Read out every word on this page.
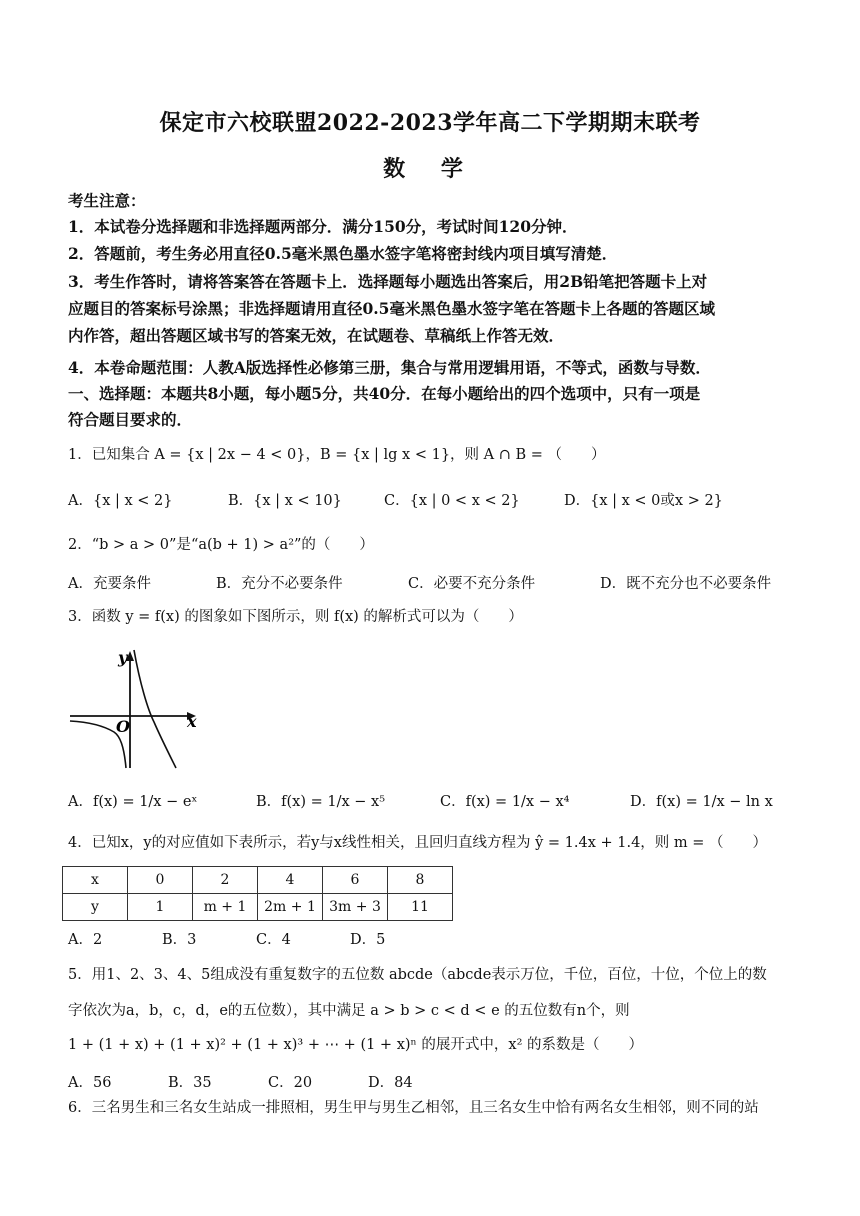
保定市六校联盟2022-2023学年高二下学期期末联考
数 学
考生注意：
1．本试卷分选择题和非选择题两部分．满分150分，考试时间120分钟．
2．答题前，考生务必用直径0.5毫米黑色墨水签字笔将密封线内项目填写清楚．
3．考生作答时，请将答案答在答题卡上．选择题每小题选出答案后，用2B铅笔把答题卡上对
应题目的答案标号涂黑；非选择题请用直径0.5毫米黑色墨水签字笔在答题卡上各题的答题区域
内作答，超出答题区域书写的答案无效，在试题卷、草稿纸上作答无效．
4．本卷命题范围：人教A版选择性必修第三册，集合与常用逻辑用语，不等式，函数与导数．
一、选择题：本题共8小题，每小题5分，共40分．在每小题给出的四个选项中，只有一项是
符合题目要求的．
1．已知集合 A = {x | 2x − 4 < 0}，B = {x | lg x < 1}，则 A ∩ B = （　　）
A．{x | x < 2}	B．{x | x < 10}	C．{x | 0 < x < 2}	D．{x | x < 0或x > 2}
2．“b > a > 0”是“a(b + 1) > a²”的（　　）
A．充要条件	B．充分不必要条件	C．必要不充分条件	D．既不充分也不必要条件
3．函数 y = f(x) 的图象如下图所示，则 f(x) 的解析式可以为（　　）
y
x
O
A．f(x) = 1/x − eˣ	B．f(x) = 1/x − x⁵	C．f(x) = 1/x − x⁴	D．f(x) = 1/x − ln x
4．已知x，y的对应值如下表所示，若y与x线性相关，且回归直线方程为 ŷ = 1.4x + 1.4，则 m = （　　）
x	0	2	4	6	8
y	1	m + 1	2m + 1	3m + 3	11
A．2	B．3	C．4	D．5
5．用1、2、3、4、5组成没有重复数字的五位数 abcde（abcde表示万位，千位，百位，十位，个位上的数
字依次为a，b，c，d，e的五位数），其中满足 a > b > c < d < e 的五位数有n个，则
1 + (1 + x) + (1 + x)² + (1 + x)³ + ⋯ + (1 + x)ⁿ 的展开式中，x² 的系数是（　　）
A．56	B．35	C．20	D．84
6．三名男生和三名女生站成一排照相，男生甲与男生乙相邻，且三名女生中恰有两名女生相邻，则不同的站
